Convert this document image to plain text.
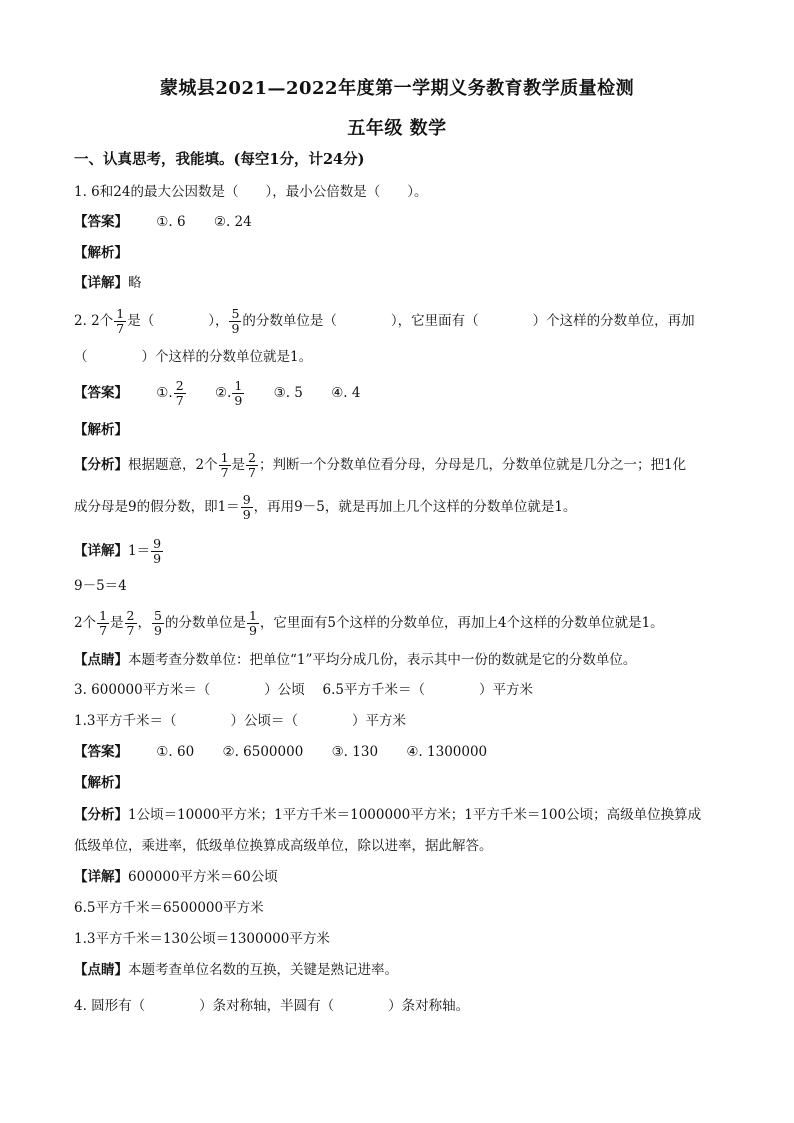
蒙城县2021—2022年度第一学期义务教育教学质量检测
五年级 数学
一、认真思考，我能填。(每空1分，计24分)
1. 6和24的最大公因数是（　　），最小公倍数是（　　）。
【答案】 ①. 6 ②. 24
【解析】
【详解】略
2. 2个 $\frac{1}{7}$ 是（　　　　）， $\frac{5}{9}$ 的分数单位是（　　　　），它里面有（　　　　）个这样的分数单位，再加
（　　　　）个这样的分数单位就是1。
【答案】 ①. $\frac{2}{7}$ ②. $\frac{1}{9}$ ③. 5 ④. 4
【解析】
【分析】根据题意，2个 $\frac{1}{7}$ 是 $\frac{2}{7}$ ；判断一个分数单位看分母，分母是几，分数单位就是几分之一；把1化
成分母是9的假分数，即$1= \frac{9}{9}$ ，再用9－5，就是再加上几个这样的分数单位就是1。
【详解】$1= \frac{9}{9}$
9－5＝4
2个 $\frac{1}{7}$ 是 $\frac{2}{7}$ ， $\frac{5}{9}$ 的分数单位是 $\frac{1}{9}$ ，它里面有5个这样的分数单位，再加上4个这样的分数单位就是1。
【点睛】本题考查分数单位：把单位“1”平均分成几份，表示其中一份的数就是它的分数单位。
3. 600000平方米＝（　　　　）公顷　 6.5平方千米＝（　　　　）平方米
1.3平方千米＝（　　　　）公顷＝（　　　　）平方米
【答案】 ①. 60 ②. 6500000 ③. 130 ④. 1300000
【解析】
【分析】1公顷＝10000平方米；1平方千米＝1000000平方米；1平方千米＝100公顷；高级单位换算成
低级单位，乘进率，低级单位换算成高级单位，除以进率，据此解答。
【详解】600000平方米＝60公顷
6.5平方千米＝6500000平方米
1.3平方千米＝130公顷＝1300000平方米
【点睛】本题考查单位名数的互换，关键是熟记进率。
4. 圆形有（　　　　）条对称轴，半圆有（　　　　）条对称轴。
